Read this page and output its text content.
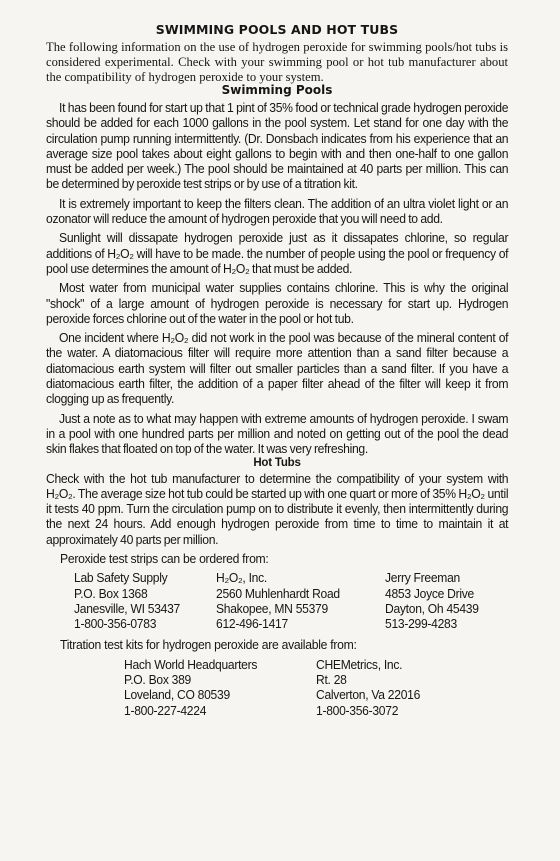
SWIMMING POOLS AND HOT TUBS

The following information on the use of hydrogen peroxide for swimming pools/hot tubs is considered experimental. Check with your swimming pool or hot tub manufacturer about the compatibility of hydrogen peroxide to your system.

Swimming Pools

It has been found for start up that 1 pint of 35% food or technical grade hydrogen peroxide should be added for each 1000 gallons in the pool system. Let stand for one day with the circulation pump running intermittently. (Dr. Donsbach indicates from his experience that an average size pool takes about eight gallons to begin with and then one-half to one gallon must be added per week.) The pool should be maintained at 40 parts per million. This can be determined by peroxide test strips or by use of a titration kit.

It is extremely important to keep the filters clean. The addition of an ultra violet light or an ozonator will reduce the amount of hydrogen peroxide that you will need to add.

Sunlight will dissapate hydrogen peroxide just as it dissapates chlorine, so regular additions of H₂O₂ will have to be made. the number of people using the pool or frequency of pool use determines the amount of H₂O₂ that must be added.

Most water from municipal water supplies contains chlorine. This is why the original "shock" of a large amount of hydrogen peroxide is necessary for start up. Hydrogen peroxide forces chlorine out of the water in the pool or hot tub.

One incident where H₂O₂ did not work in the pool was because of the mineral content of the water. A diatomacious filter will require more attention than a sand filter because a diatomacious earth system will filter out smaller particles than a sand filter. If you have a diatomacious earth filter, the addition of a paper filter ahead of the filter will keep it from clogging up as frequently.

Just a note as to what may happen with extreme amounts of hydrogen peroxide. I swam in a pool with one hundred parts per million and noted on getting out of the pool the dead skin flakes that floated on top of the water. It was very refreshing.

Hot Tubs

Check with the hot tub manufacturer to determine the compatibility of your system with H₂O₂. The average size hot tub could be started up with one quart or more of 35% H₂O₂ until it tests 40 ppm. Turn the circulation pump on to distribute it evenly, then intermittently during the next 24 hours. Add enough hydrogen peroxide from time to time to maintain it at approximately 40 parts per million.

Peroxide test strips can be ordered from:
Lab Safety Supply
P.O. Box 1368
Janesville, WI 53437
1-800-356-0783
H₂O₂, Inc.
2560 Muhlenhardt Road
Shakopee, MN 55379
612-496-1417
Jerry Freeman
4853 Joyce Drive
Dayton, Oh 45439
513-299-4283
Titration test kits for hydrogen peroxide are available from:
Hach World Headquarters
P.O. Box 389
Loveland, CO 80539
1-800-227-4224
CHEMetrics, Inc.
Rt. 28
Calverton, Va 22016
1-800-356-3072
